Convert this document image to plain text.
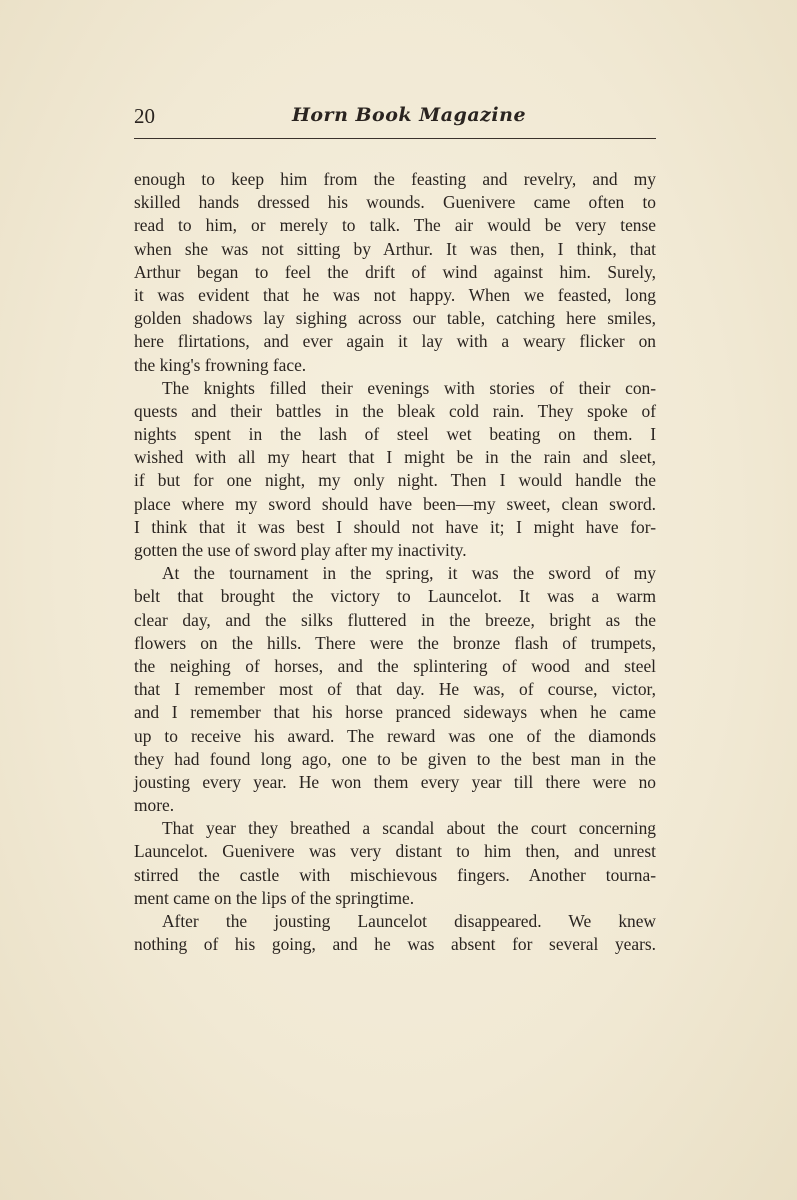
20	Horn Book Magazine
enough to keep him from the feasting and revelry, and my
skilled hands dressed his wounds. Guenivere came often to
read to him, or merely to talk. The air would be very tense
when she was not sitting by Arthur. It was then, I think, that
Arthur began to feel the drift of wind against him. Surely,
it was evident that he was not happy. When we feasted, long
golden shadows lay sighing across our table, catching here smiles,
here flirtations, and ever again it lay with a weary flicker on
the king's frowning face.
The knights filled their evenings with stories of their con-
quests and their battles in the bleak cold rain. They spoke of
nights spent in the lash of steel wet beating on them. I
wished with all my heart that I might be in the rain and sleet,
if but for one night, my only night. Then I would handle the
place where my sword should have been—my sweet, clean sword.
I think that it was best I should not have it; I might have for-
gotten the use of sword play after my inactivity.
At the tournament in the spring, it was the sword of my
belt that brought the victory to Launcelot. It was a warm
clear day, and the silks fluttered in the breeze, bright as the
flowers on the hills. There were the bronze flash of trumpets,
the neighing of horses, and the splintering of wood and steel
that I remember most of that day. He was, of course, victor,
and I remember that his horse pranced sideways when he came
up to receive his award. The reward was one of the diamonds
they had found long ago, one to be given to the best man in the
jousting every year. He won them every year till there were no
more.
That year they breathed a scandal about the court concerning
Launcelot. Guenivere was very distant to him then, and unrest
stirred the castle with mischievous fingers. Another tourna-
ment came on the lips of the springtime.
After the jousting Launcelot disappeared. We knew
nothing of his going, and he was absent for several years.
